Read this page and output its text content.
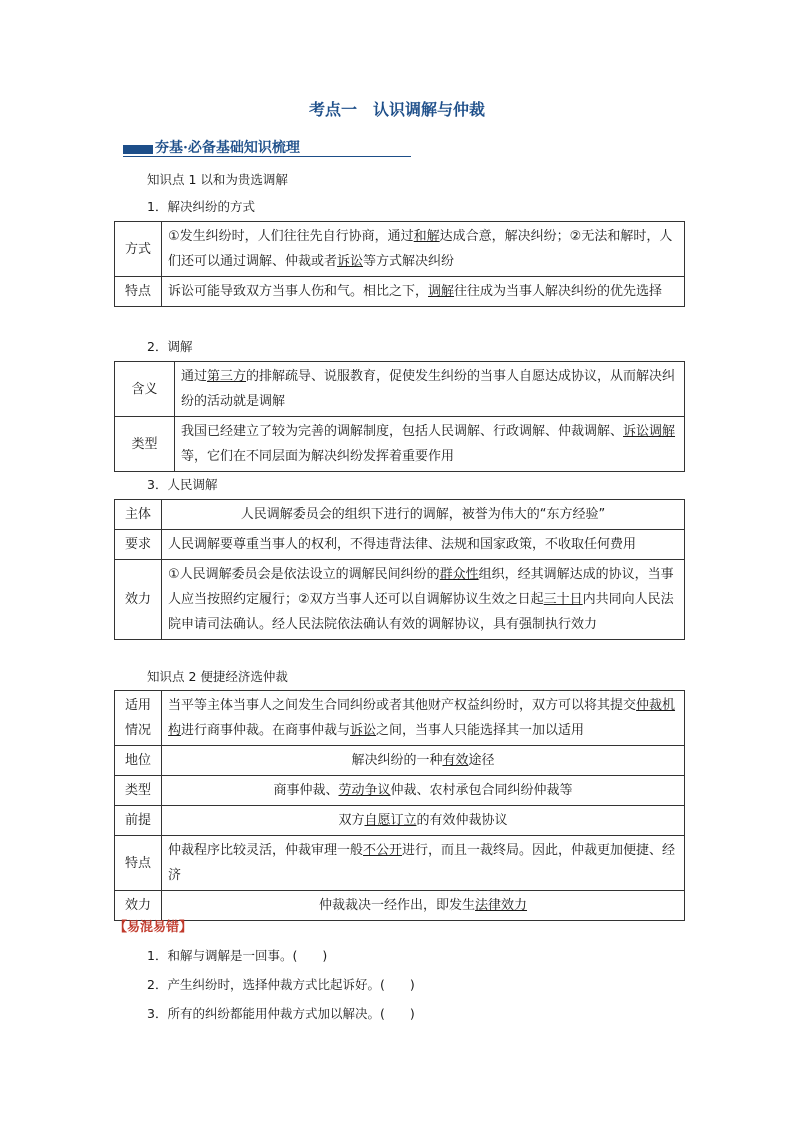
考点一　认识调解与仲裁
夯基·必备基础知识梳理
知识点 1 以和为贵选调解
1．解决纠纷的方式
方式	①发生纠纷时，人们往往先自行协商，通过和解达成合意，解决纠纷；②无法和解时，人们还可以通过调解、仲裁或者诉讼等方式解决纠纷
特点	诉讼可能导致双方当事人伤和气。相比之下，调解往往成为当事人解决纠纷的优先选择
2．调解
含义	通过第三方的排解疏导、说服教育，促使发生纠纷的当事人自愿达成协议，从而解决纠纷的活动就是调解
类型	我国已经建立了较为完善的调解制度，包括人民调解、行政调解、仲裁调解、诉讼调解等，它们在不同层面为解决纠纷发挥着重要作用
3．人民调解
主体	人民调解委员会的组织下进行的调解，被誉为伟大的“东方经验”
要求	人民调解要尊重当事人的权利，不得违背法律、法规和国家政策，不收取任何费用
效力	①人民调解委员会是依法设立的调解民间纠纷的群众性组织，经其调解达成的协议，当事人应当按照约定履行；②双方当事人还可以自调解协议生效之日起三十日内共同向人民法院申请司法确认。经人民法院依法确认有效的调解协议，具有强制执行效力
知识点 2 便捷经济选仲裁
适用情况	当平等主体当事人之间发生合同纠纷或者其他财产权益纠纷时，双方可以将其提交仲裁机构进行商事仲裁。在商事仲裁与诉讼之间，当事人只能选择其一加以适用
地位	解决纠纷的一种有效途径
类型	商事仲裁、劳动争议仲裁、农村承包合同纠纷仲裁等
前提	双方自愿订立的有效仲裁协议
特点	仲裁程序比较灵活，仲裁审理一般不公开进行，而且一裁终局。因此，仲裁更加便捷、经济
效力	仲裁裁决一经作出，即发生法律效力
【易混易错】
1．和解与调解是一回事。(　　)
2．产生纠纷时，选择仲裁方式比起诉好。(　　)
3．所有的纠纷都能用仲裁方式加以解决。(　　)
